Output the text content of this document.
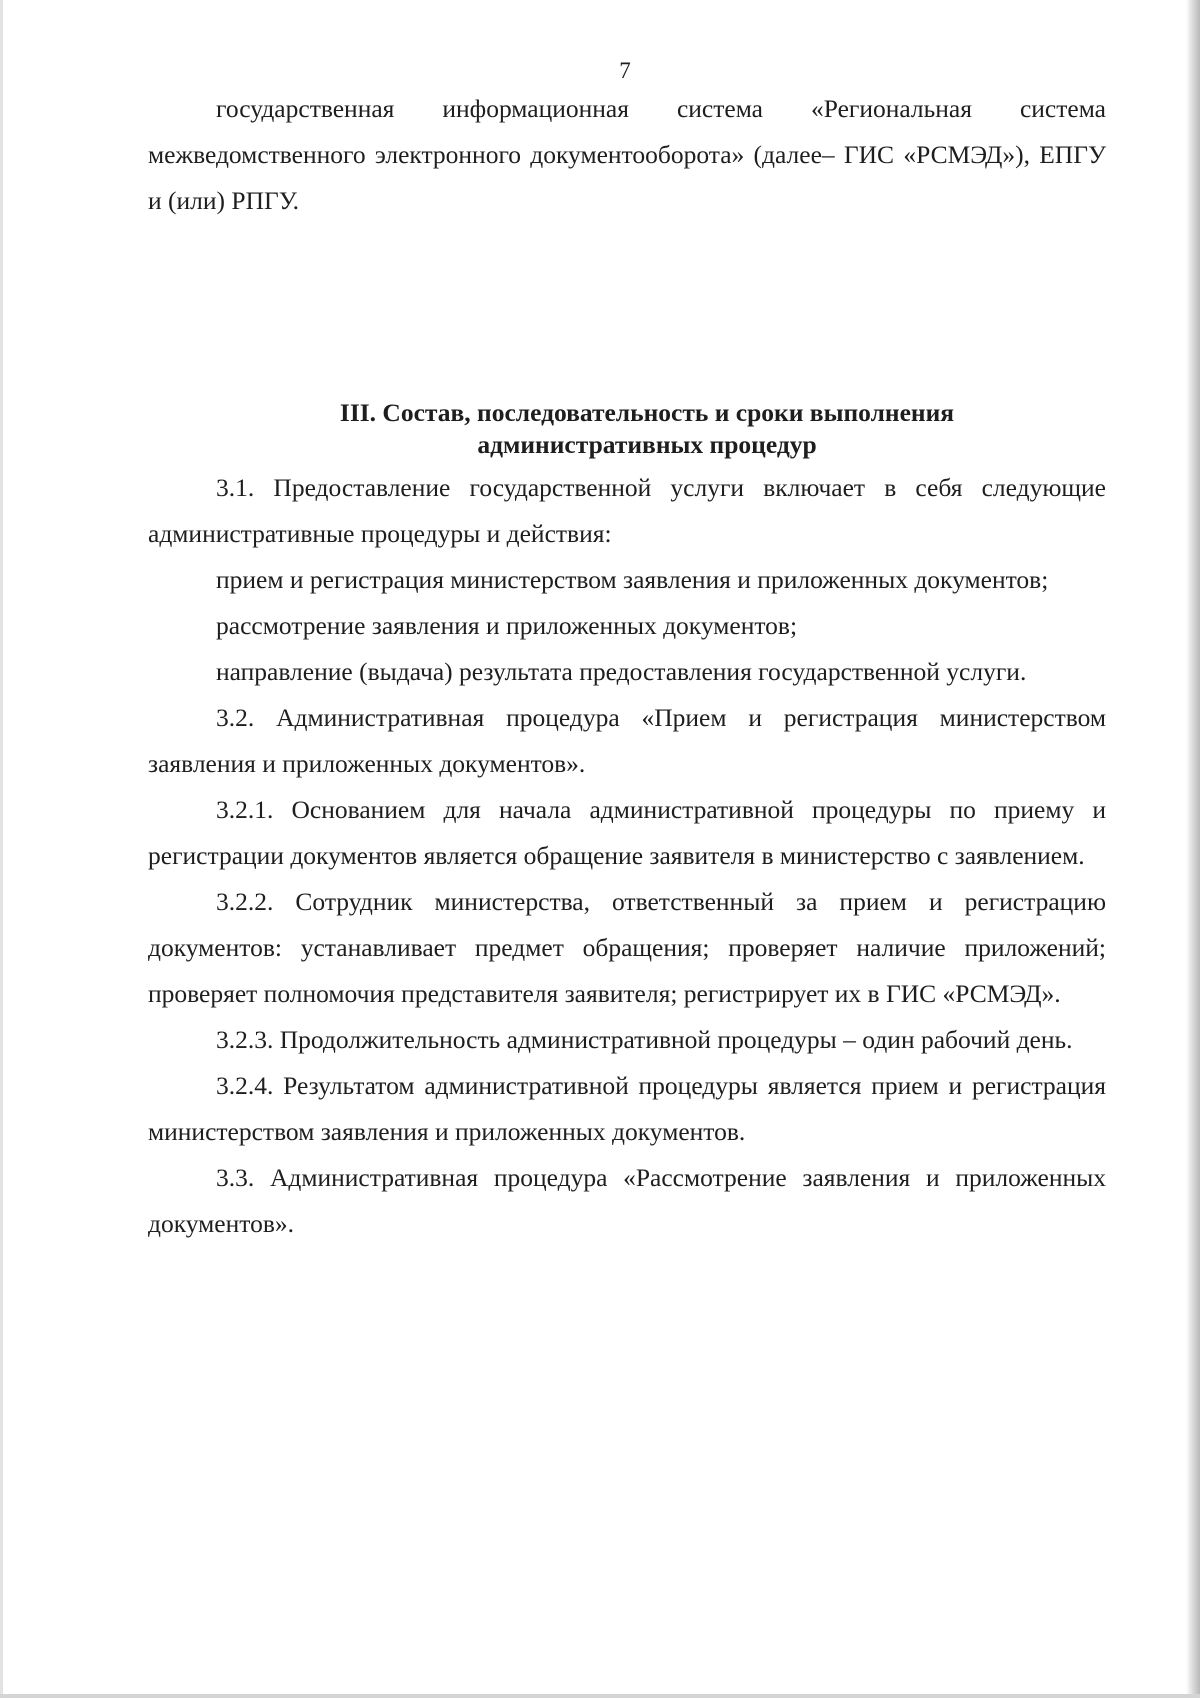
7

государственная информационная система «Региональная система межведомственного электронного документооборота» (далее– ГИС «РСМЭД»), ЕПГУ и (или) РПГУ.

III. Состав, последовательность и сроки выполнения
административных процедур

3.1. Предоставление государственной услуги включает в себя следующие административные процедуры и действия:

прием и регистрация министерством заявления и приложенных документов;

рассмотрение заявления и приложенных документов;

направление (выдача) результата предоставления государственной услуги.

3.2. Административная процедура «Прием и регистрация министерством заявления и приложенных документов».

3.2.1. Основанием для начала административной процедуры по приему и регистрации документов является обращение заявителя в министерство с заявлением.

3.2.2. Сотрудник министерства, ответственный за прием и регистрацию документов: устанавливает предмет обращения; проверяет наличие приложений; проверяет полномочия представителя заявителя; регистрирует их в ГИС «РСМЭД».

3.2.3. Продолжительность административной процедуры – один рабочий день.

3.2.4. Результатом административной процедуры является прием и регистрация министерством заявления и приложенных документов.

3.3. Административная процедура «Рассмотрение заявления и приложенных документов».
